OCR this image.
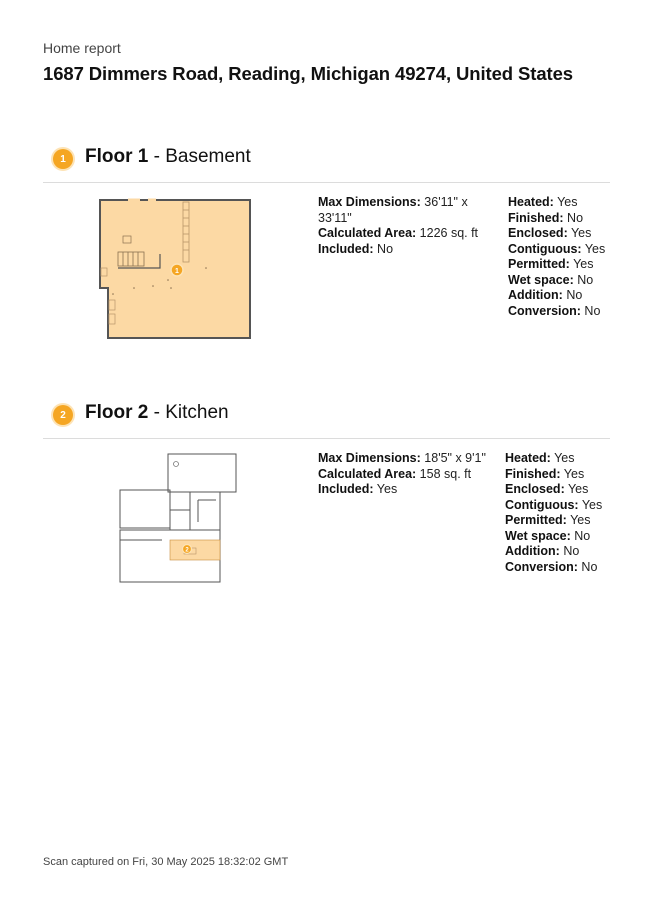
Home report
1687 Dimmers Road, Reading, Michigan 49274, United States
1	Floor 1 - Basement
1
Max Dimensions: 36'11" x 33'11"
Calculated Area: 1226 sq. ft
Included: No
Heated: Yes
Finished: No
Enclosed: Yes
Contiguous: Yes
Permitted: Yes
Wet space: No
Addition: No
Conversion: No
2	Floor 2 - Kitchen
2
Max Dimensions: 18'5" x 9'1"
Calculated Area: 158 sq. ft
Included: Yes
Heated: Yes
Finished: Yes
Enclosed: Yes
Contiguous: Yes
Permitted: Yes
Wet space: No
Addition: No
Conversion: No
Scan captured on Fri, 30 May 2025 18:32:02 GMT
